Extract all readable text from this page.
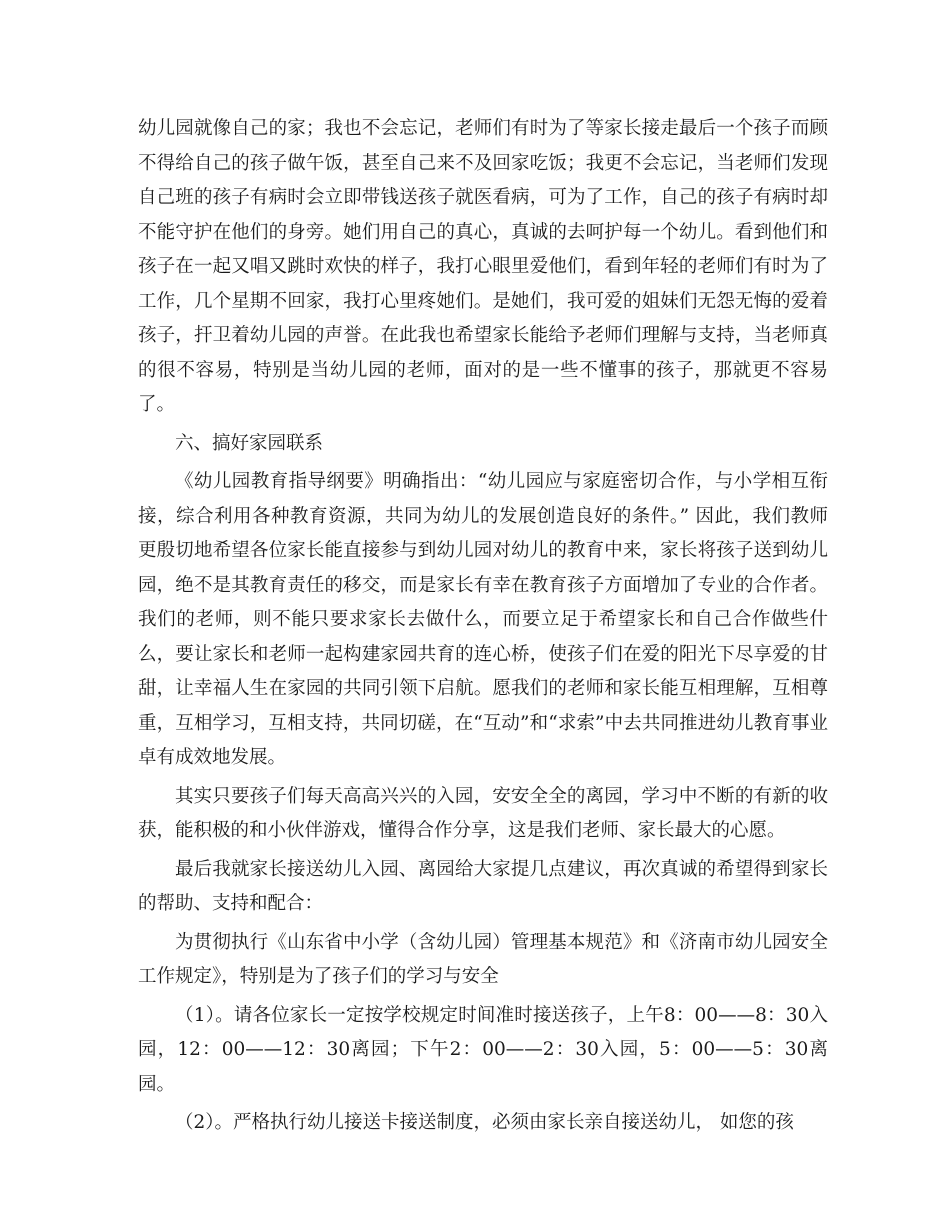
幼儿园就像自己的家；我也不会忘记，老师们有时为了等家长接走最后一个孩子而顾不得给自己的孩子做午饭，甚至自己来不及回家吃饭；我更不会忘记，当老师们发现自己班的孩子有病时会立即带钱送孩子就医看病，可为了工作，自己的孩子有病时却不能守护在他们的身旁。她们用自己的真心，真诚的去呵护每一个幼儿。看到他们和孩子在一起又唱又跳时欢快的样子，我打心眼里爱他们，看到年轻的老师们有时为了工作，几个星期不回家，我打心里疼她们。是她们，我可爱的姐妹们无怨无悔的爱着孩子，扞卫着幼儿园的声誉。在此我也希望家长能给予老师们理解与支持，当老师真的很不容易，特别是当幼儿园的老师，面对的是一些不懂事的孩子，那就更不容易了。

六、搞好家园联系

《幼儿园教育指导纲要》明确指出：“幼儿园应与家庭密切合作，与小学相互衔接，综合利用各种教育资源，共同为幼儿的发展创造良好的条件。” 因此，我们教师更殷切地希望各位家长能直接参与到幼儿园对幼儿的教育中来，家长将孩子送到幼儿园，绝不是其教育责任的移交，而是家长有幸在教育孩子方面增加了专业的合作者。我们的老师，则不能只要求家长去做什么，而要立足于希望家长和自己合作做些什么，要让家长和老师一起构建家园共育的连心桥，使孩子们在爱的阳光下尽享爱的甘甜，让幸福人生在家园的共同引领下启航。愿我们的老师和家长能互相理解，互相尊重，互相学习，互相支持，共同切磋，在“互动”和“求索”中去共同推进幼儿教育事业卓有成效地发展。

其实只要孩子们每天高高兴兴的入园，安安全全的离园，学习中不断的有新的收获，能积极的和小伙伴游戏，懂得合作分享，这是我们老师、家长最大的心愿。

最后我就家长接送幼儿入园、离园给大家提几点建议，再次真诚的希望得到家长的帮助、支持和配合：

为贯彻执行《山东省中小学（含幼儿园）管理基本规范》和《济南市幼儿园安全工作规定》，特别是为了孩子们的学习与安全

（1）。请各位家长一定按学校规定时间准时接送孩子，上午8：00——8：30入园，12：00——12：30离园；下午2：00——2：30入园，5：00——5：30离园。

（2）。严格执行幼儿接送卡接送制度，必须由家长亲自接送幼儿， 如您的孩
